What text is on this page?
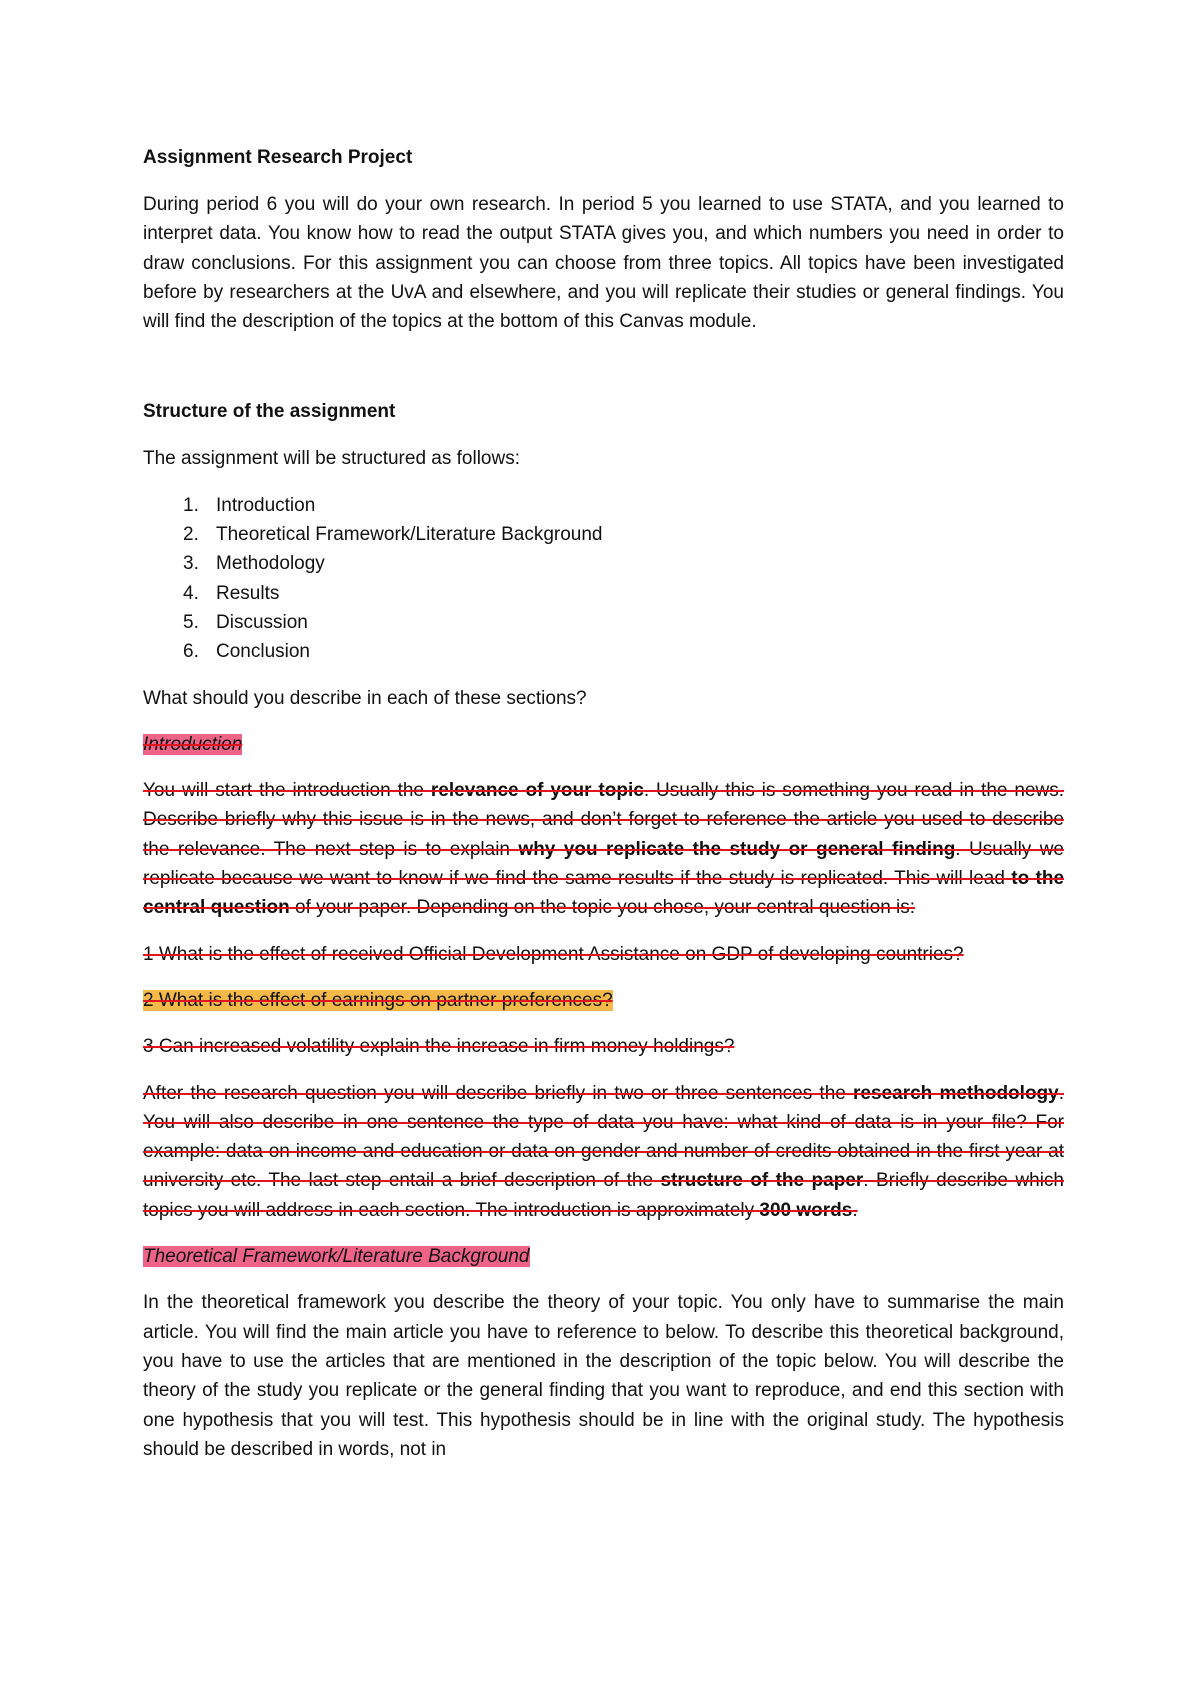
Assignment Research Project

During period 6 you will do your own research. In period 5 you learned to use STATA, and you learned to interpret data. You know how to read the output STATA gives you, and which numbers you need in order to draw conclusions. For this assignment you can choose from three topics. All topics have been investigated before by researchers at the UvA and elsewhere, and you will replicate their studies or general findings. You will find the description of the topics at the bottom of this Canvas module.

Structure of the assignment

The assignment will be structured as follows:

1. Introduction
2. Theoretical Framework/Literature Background
3. Methodology
4. Results
5. Discussion
6. Conclusion

What should you describe in each of these sections?

Introduction

You will start the introduction the relevance of your topic. Usually this is something you read in the news. Describe briefly why this issue is in the news, and don’t forget to reference the article you used to describe the relevance. The next step is to explain why you replicate the study or general finding. Usually we replicate because we want to know if we find the same results if the study is replicated. This will lead to the central question of your paper. Depending on the topic you chose, your central question is:

1 What is the effect of received Official Development Assistance on GDP of developing countries?

2 What is the effect of earnings on partner preferences?

3 Can increased volatility explain the increase in firm money holdings?

After the research question you will describe briefly in two or three sentences the research methodology. You will also describe in one sentence the type of data you have: what kind of data is in your file? For example: data on income and education or data on gender and number of credits obtained in the first year at university etc. The last step entail a brief description of the structure of the paper. Briefly describe which topics you will address in each section. The introduction is approximately 300 words.

Theoretical Framework/Literature Background

In the theoretical framework you describe the theory of your topic. You only have to summarise the main article. You will find the main article you have to reference to below. To describe this theoretical background, you have to use the articles that are mentioned in the description of the topic below. You will describe the theory of the study you replicate or the general finding that you want to reproduce, and end this section with one hypothesis that you will test. This hypothesis should be in line with the original study. The hypothesis should be described in words, not in
